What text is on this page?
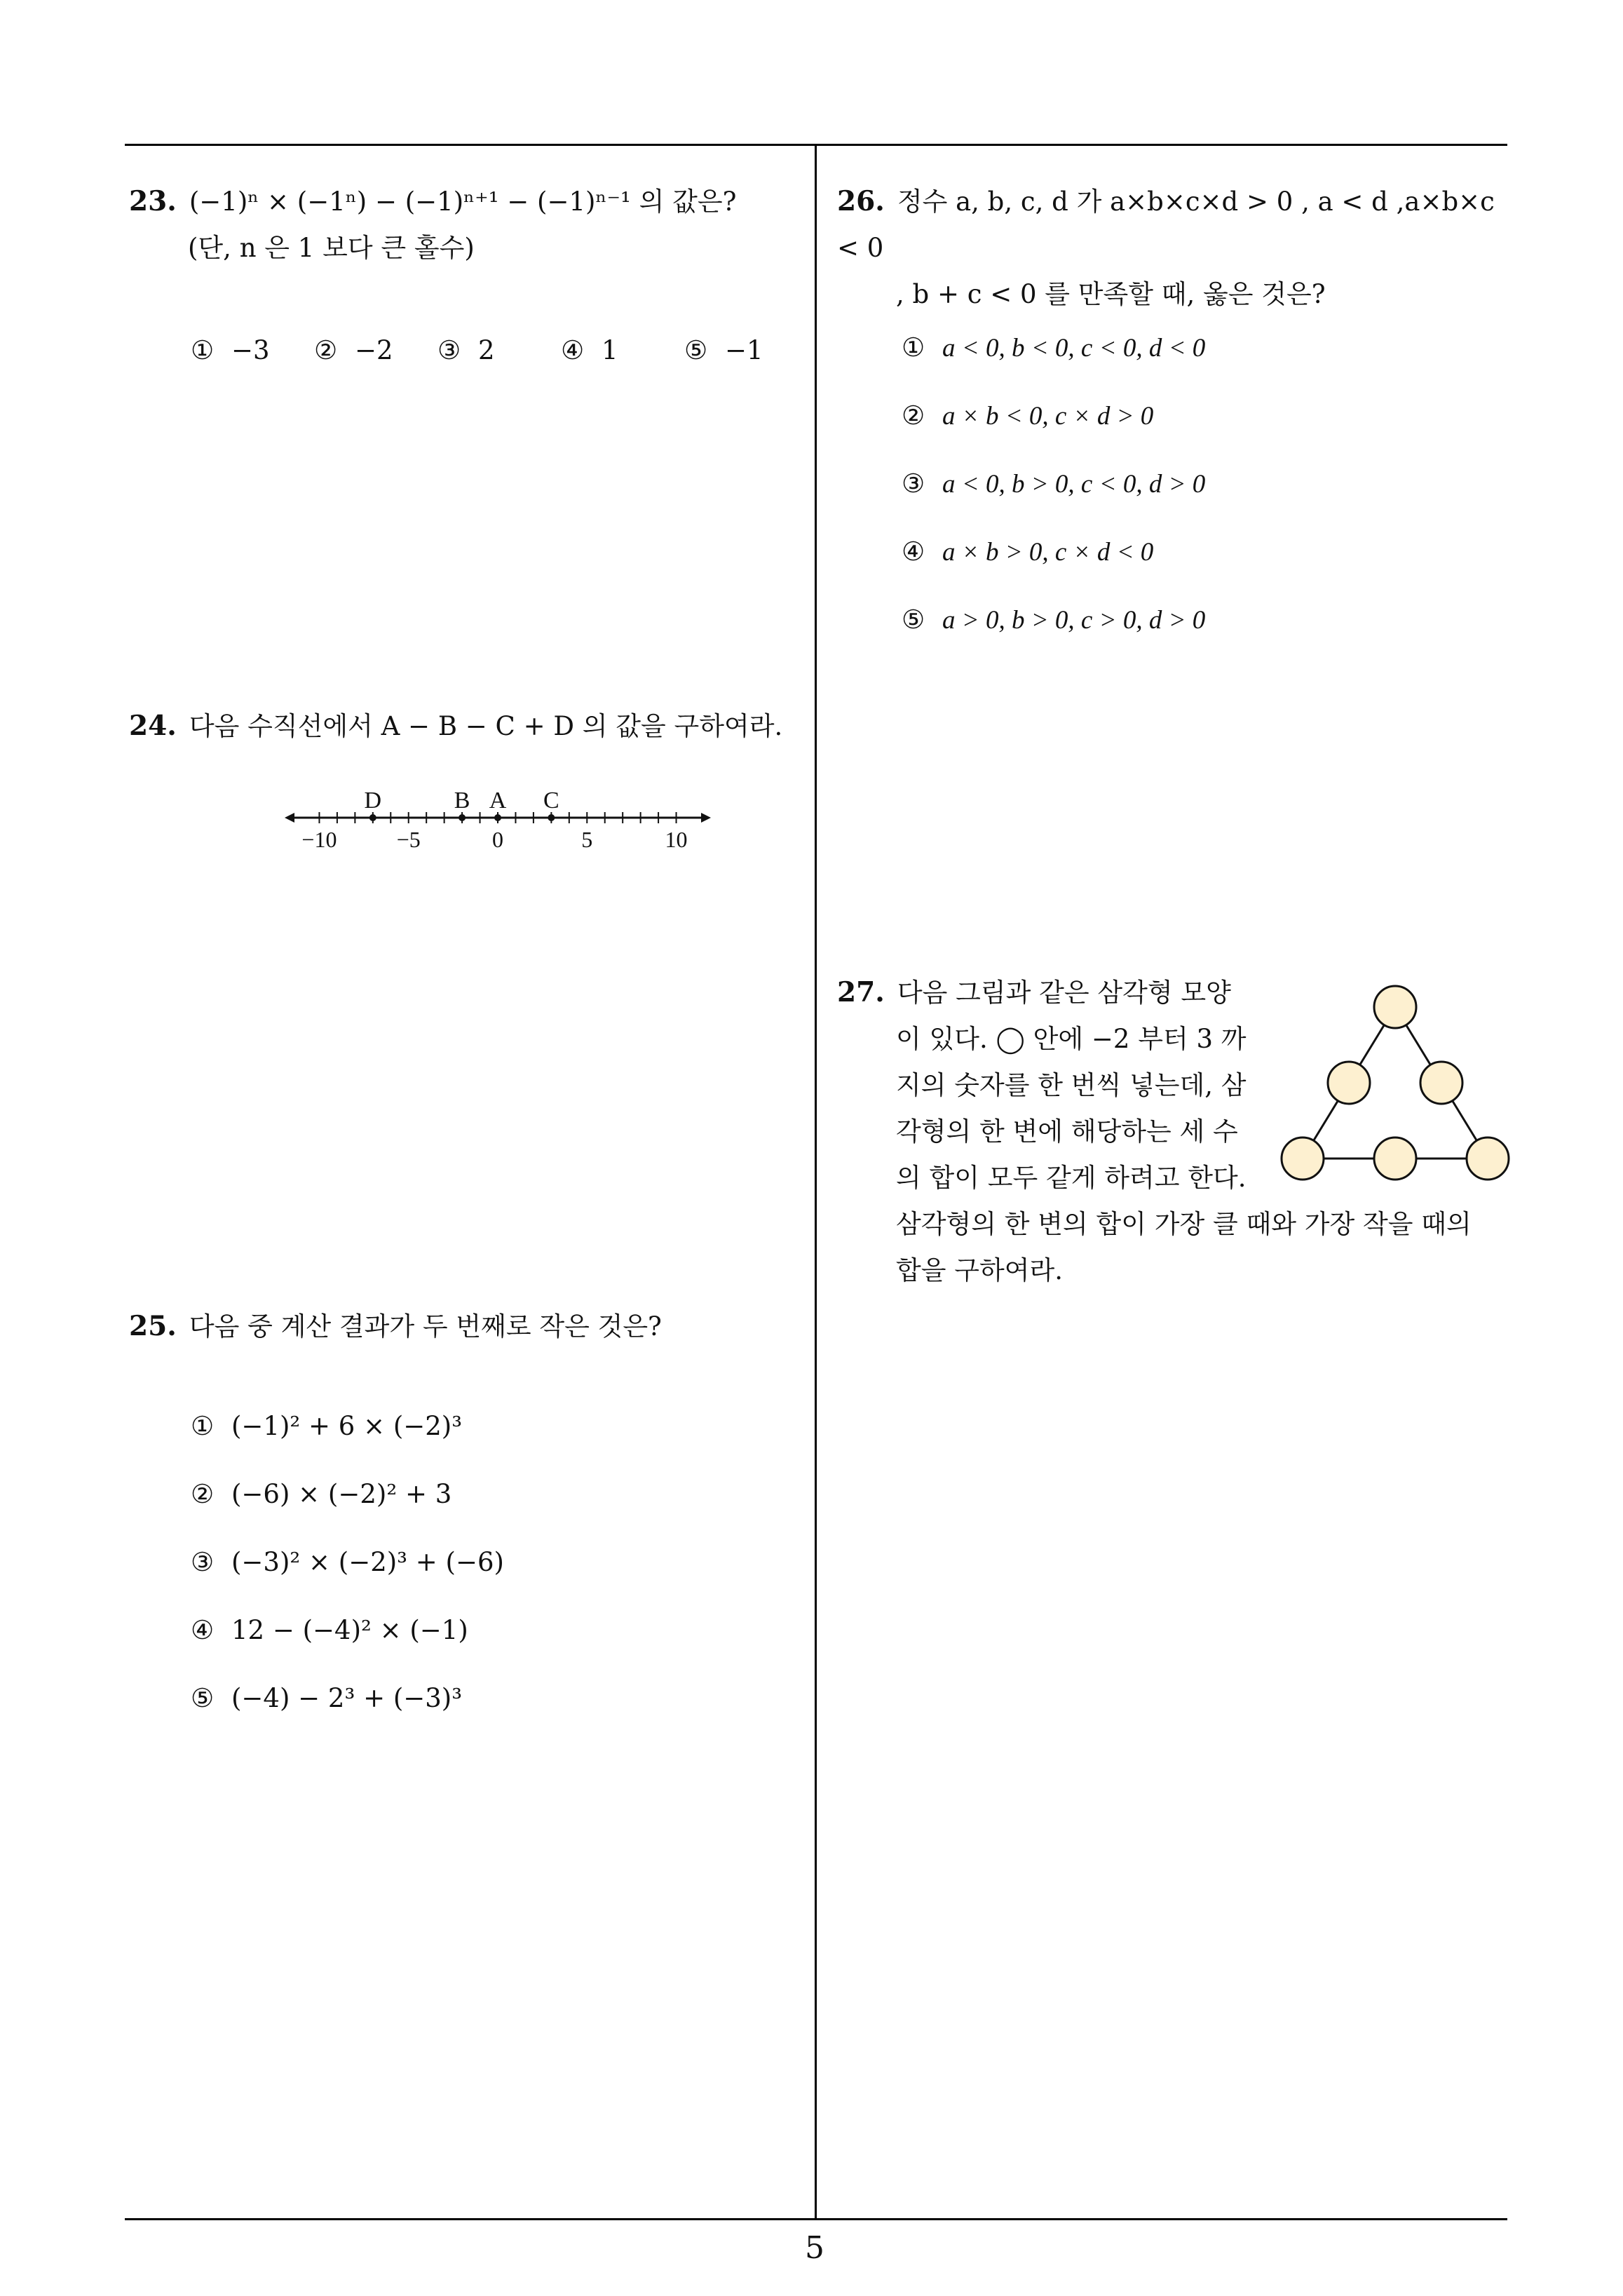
23. (−1)ⁿ × (−1ⁿ) − (−1)ⁿ⁺¹ − (−1)ⁿ⁻¹ 의 값은?
(단, n 은 1 보다 큰 홀수)
① −3 ② −2 ③ 2	④ 1	⑤ −1
24. 다음 수직선에서 A − B − C + D 의 값을 구하여라.
−10	−5	0	5	10
D	B A C
25. 다음 중 계산 결과가 두 번째로 작은 것은?
① (−1)² + 6 × (−2)³
② (−6) × (−2)² + 3
③ (−3)² × (−2)³ + (−6)
④ 12 − (−4)² × (−1)
⑤ (−4) − 2³ + (−3)³
26. 정수 a, b, c, d 가 a×b×c×d > 0 , a < d ,a×b×c < 0
, b + c < 0 를 만족할 때, 옳은 것은?
① a < 0, b < 0, c < 0, d < 0
② a × b < 0, c × d > 0
③ a < 0, b > 0, c < 0, d > 0
④ a × b > 0, c × d < 0
⑤ a > 0, b > 0, c > 0, d > 0
27. 다음 그림과 같은 삼각형 모양
이 있다. ◯ 안에 −2 부터 3 까
지의 숫자를 한 번씩 넣는데, 삼
각형의 한 변에 해당하는 세 수
의 합이 모두 같게 하려고 한다.
삼각형의 한 변의 합이 가장 클 때와 가장 작을 때의
합을 구하여라.
5
